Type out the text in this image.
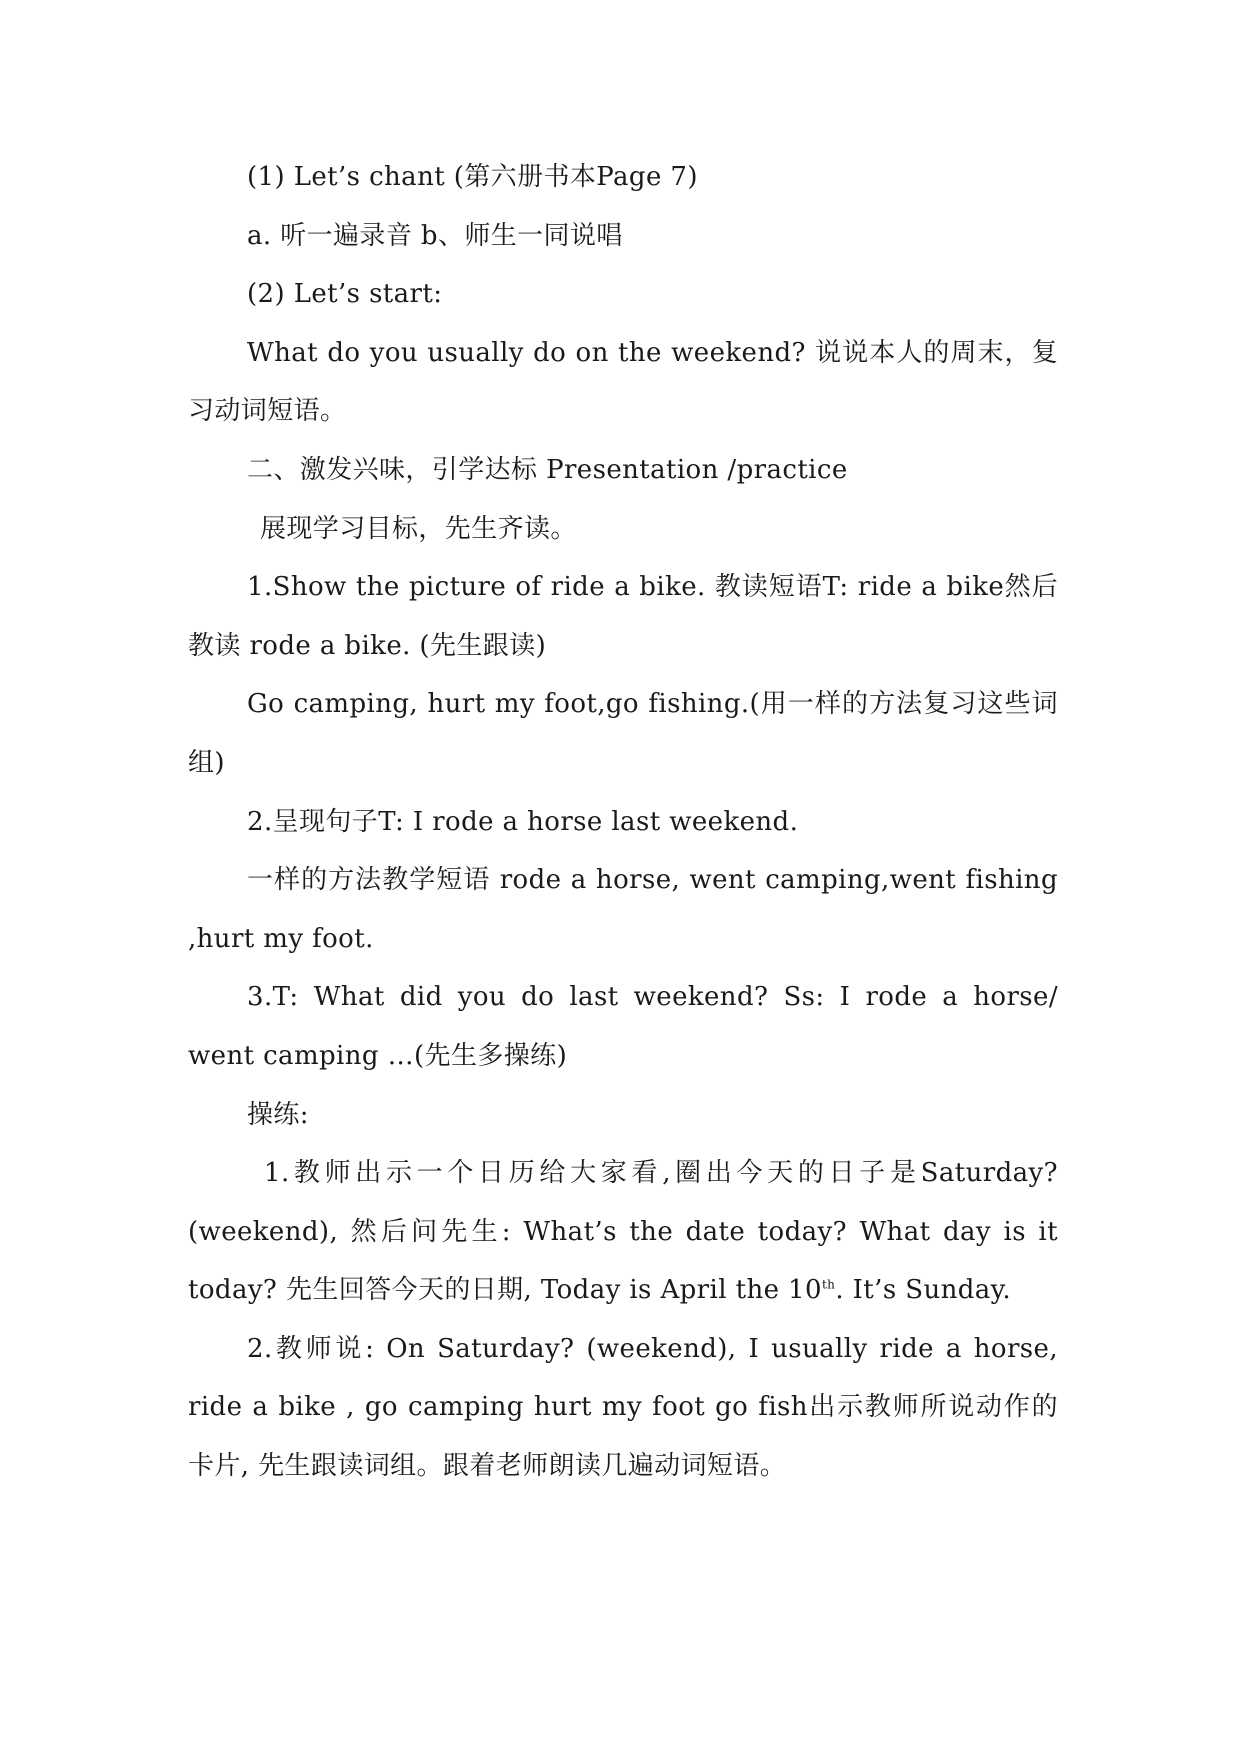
(1) Let’s chant (第六册书本Page 7)

a. 听一遍录音 b、师生一同说唱

(2) Let’s start:

What do you usually do on the weekend? 说说本人的周末，复习动词短语。

二、激发兴味，引学达标 Presentation /practice

展现学习目标，先生齐读。

1.Show the picture of ride a bike. 教读短语T: ride a bike然后教读 rode a bike. (先生跟读)

Go camping, hurt my foot,go fishing.(用一样的方法复习这些词组)

2.呈现句子T: I rode a horse last weekend.

一样的方法教学短语 rode a horse, went camping,went fishing ,hurt my foot.

3.T: What did you do last weekend? Ss: I rode a horse/ went camping …(先生多操练)

操练:

1.教师出示一个日历给大家看,圈出今天的日子是Saturday?(weekend), 然后问先生: What’s the date today? What day is it today? 先生回答今天的日期, Today is April the 10th. It’s Sunday.

2.教师说: On Saturday? (weekend), I usually ride a horse, ride a bike , go camping hurt my foot go fish出示教师所说动作的卡片, 先生跟读词组。跟着老师朗读几遍动词短语。
